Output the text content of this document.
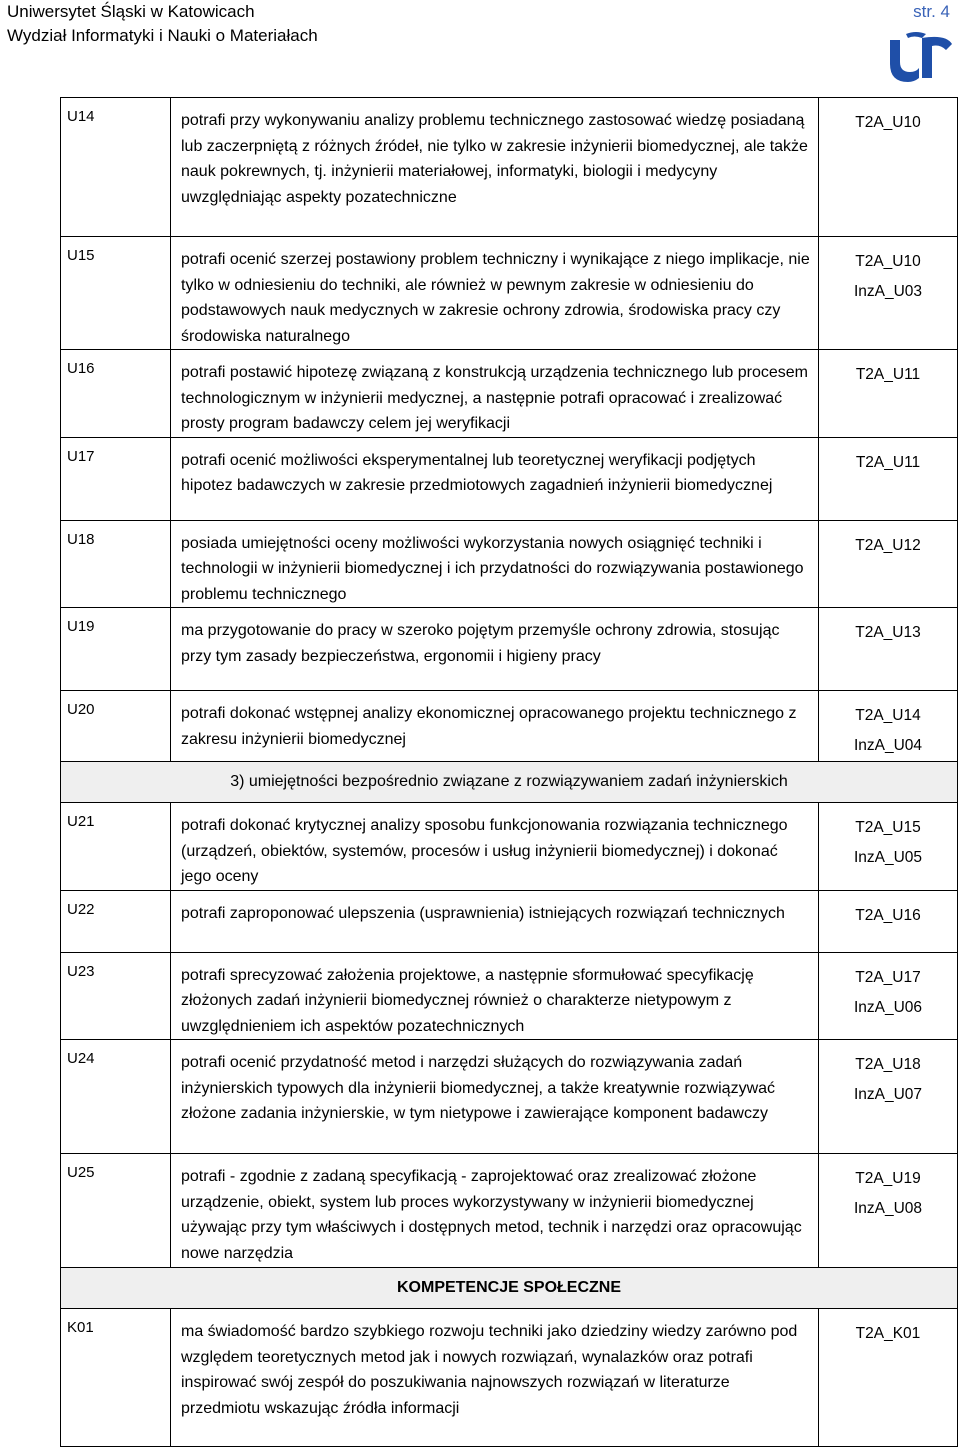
Uniwersytet Śląski w Katowicach
Wydział Informatyki i Nauki o Materiałach
str. 4
U14	potrafi przy wykonywaniu analizy problemu technicznego zastosować wiedzę posiadaną lub zaczerpniętą z różnych źródeł, nie tylko w zakresie inżynierii biomedycznej, ale także nauk pokrewnych, tj. inżynierii materiałowej, informatyki, biologii i medycyny uwzględniając aspekty pozatechniczne	T2A_U10

U15	potrafi ocenić szerzej postawiony problem techniczny i wynikające z niego implikacje, nie tylko w odniesieniu do techniki, ale również w pewnym zakresie w odniesieniu do podstawowych nauk medycznych w zakresie ochrony zdrowia, środowiska pracy czy środowiska naturalnego	T2A_U10
InzA_U03

U16	potrafi postawić hipotezę związaną z konstrukcją urządzenia technicznego lub procesem technologicznym w inżynierii medycznej, a następnie potrafi opracować i zrealizować prosty program badawczy celem jej weryfikacji	T2A_U11

U17	potrafi ocenić możliwości eksperymentalnej lub teoretycznej weryfikacji podjętych hipotez badawczych w zakresie przedmiotowych zagadnień inżynierii biomedycznej	T2A_U11

U18	posiada umiejętności oceny możliwości wykorzystania nowych osiągnięć techniki i technologii w inżynierii biomedycznej i ich przydatności do rozwiązywania postawionego problemu technicznego	T2A_U12

U19	ma przygotowanie do pracy w szeroko pojętym przemyśle ochrony zdrowia, stosując przy tym zasady bezpieczeństwa, ergonomii i higieny pracy	T2A_U13

U20	potrafi dokonać wstępnej analizy ekonomicznej opracowanego projektu technicznego z zakresu inżynierii biomedycznej	T2A_U14
InzA_U04

3) umiejętności bezpośrednio związane z rozwiązywaniem zadań inżynierskich		
U21	potrafi dokonać krytycznej analizy sposobu funkcjonowania rozwiązania technicznego (urządzeń, obiektów, systemów, procesów i usług inżynierii biomedycznej) i dokonać jego oceny	T2A_U15
InzA_U05

U22	potrafi zaproponować ulepszenia (usprawnienia) istniejących rozwiązań technicznych	T2A_U16

U23	potrafi sprecyzować założenia projektowe, a następnie sformułować specyfikację złożonych zadań inżynierii biomedycznej również o charakterze nietypowym z uwzględnieniem ich aspektów pozatechnicznych	T2A_U17
InzA_U06

U24	potrafi ocenić przydatność metod i narzędzi służących do rozwiązywania zadań inżynierskich typowych dla inżynierii biomedycznej, a także kreatywnie rozwiązywać złożone zadania inżynierskie, w tym nietypowe i zawierające komponent badawczy	T2A_U18
InzA_U07

U25	potrafi - zgodnie z zadaną specyfikacją - zaprojektować oraz zrealizować złożone urządzenie, obiekt, system lub proces wykorzystywany w inżynierii biomedycznej używając przy tym właściwych i dostępnych metod, technik i narzędzi oraz opracowując nowe narzędzia	T2A_U19
InzA_U08

KOMPETENCJE SPOŁECZNE		
K01	ma świadomość bardzo szybkiego rozwoju techniki jako dziedziny wiedzy zarówno pod względem teoretycznych metod jak i nowych rozwiązań, wynalazków oraz potrafi inspirować swój zespół do poszukiwania najnowszych rozwiązań w literaturze przedmiotu wskazując źródła informacji	T2A_K01
